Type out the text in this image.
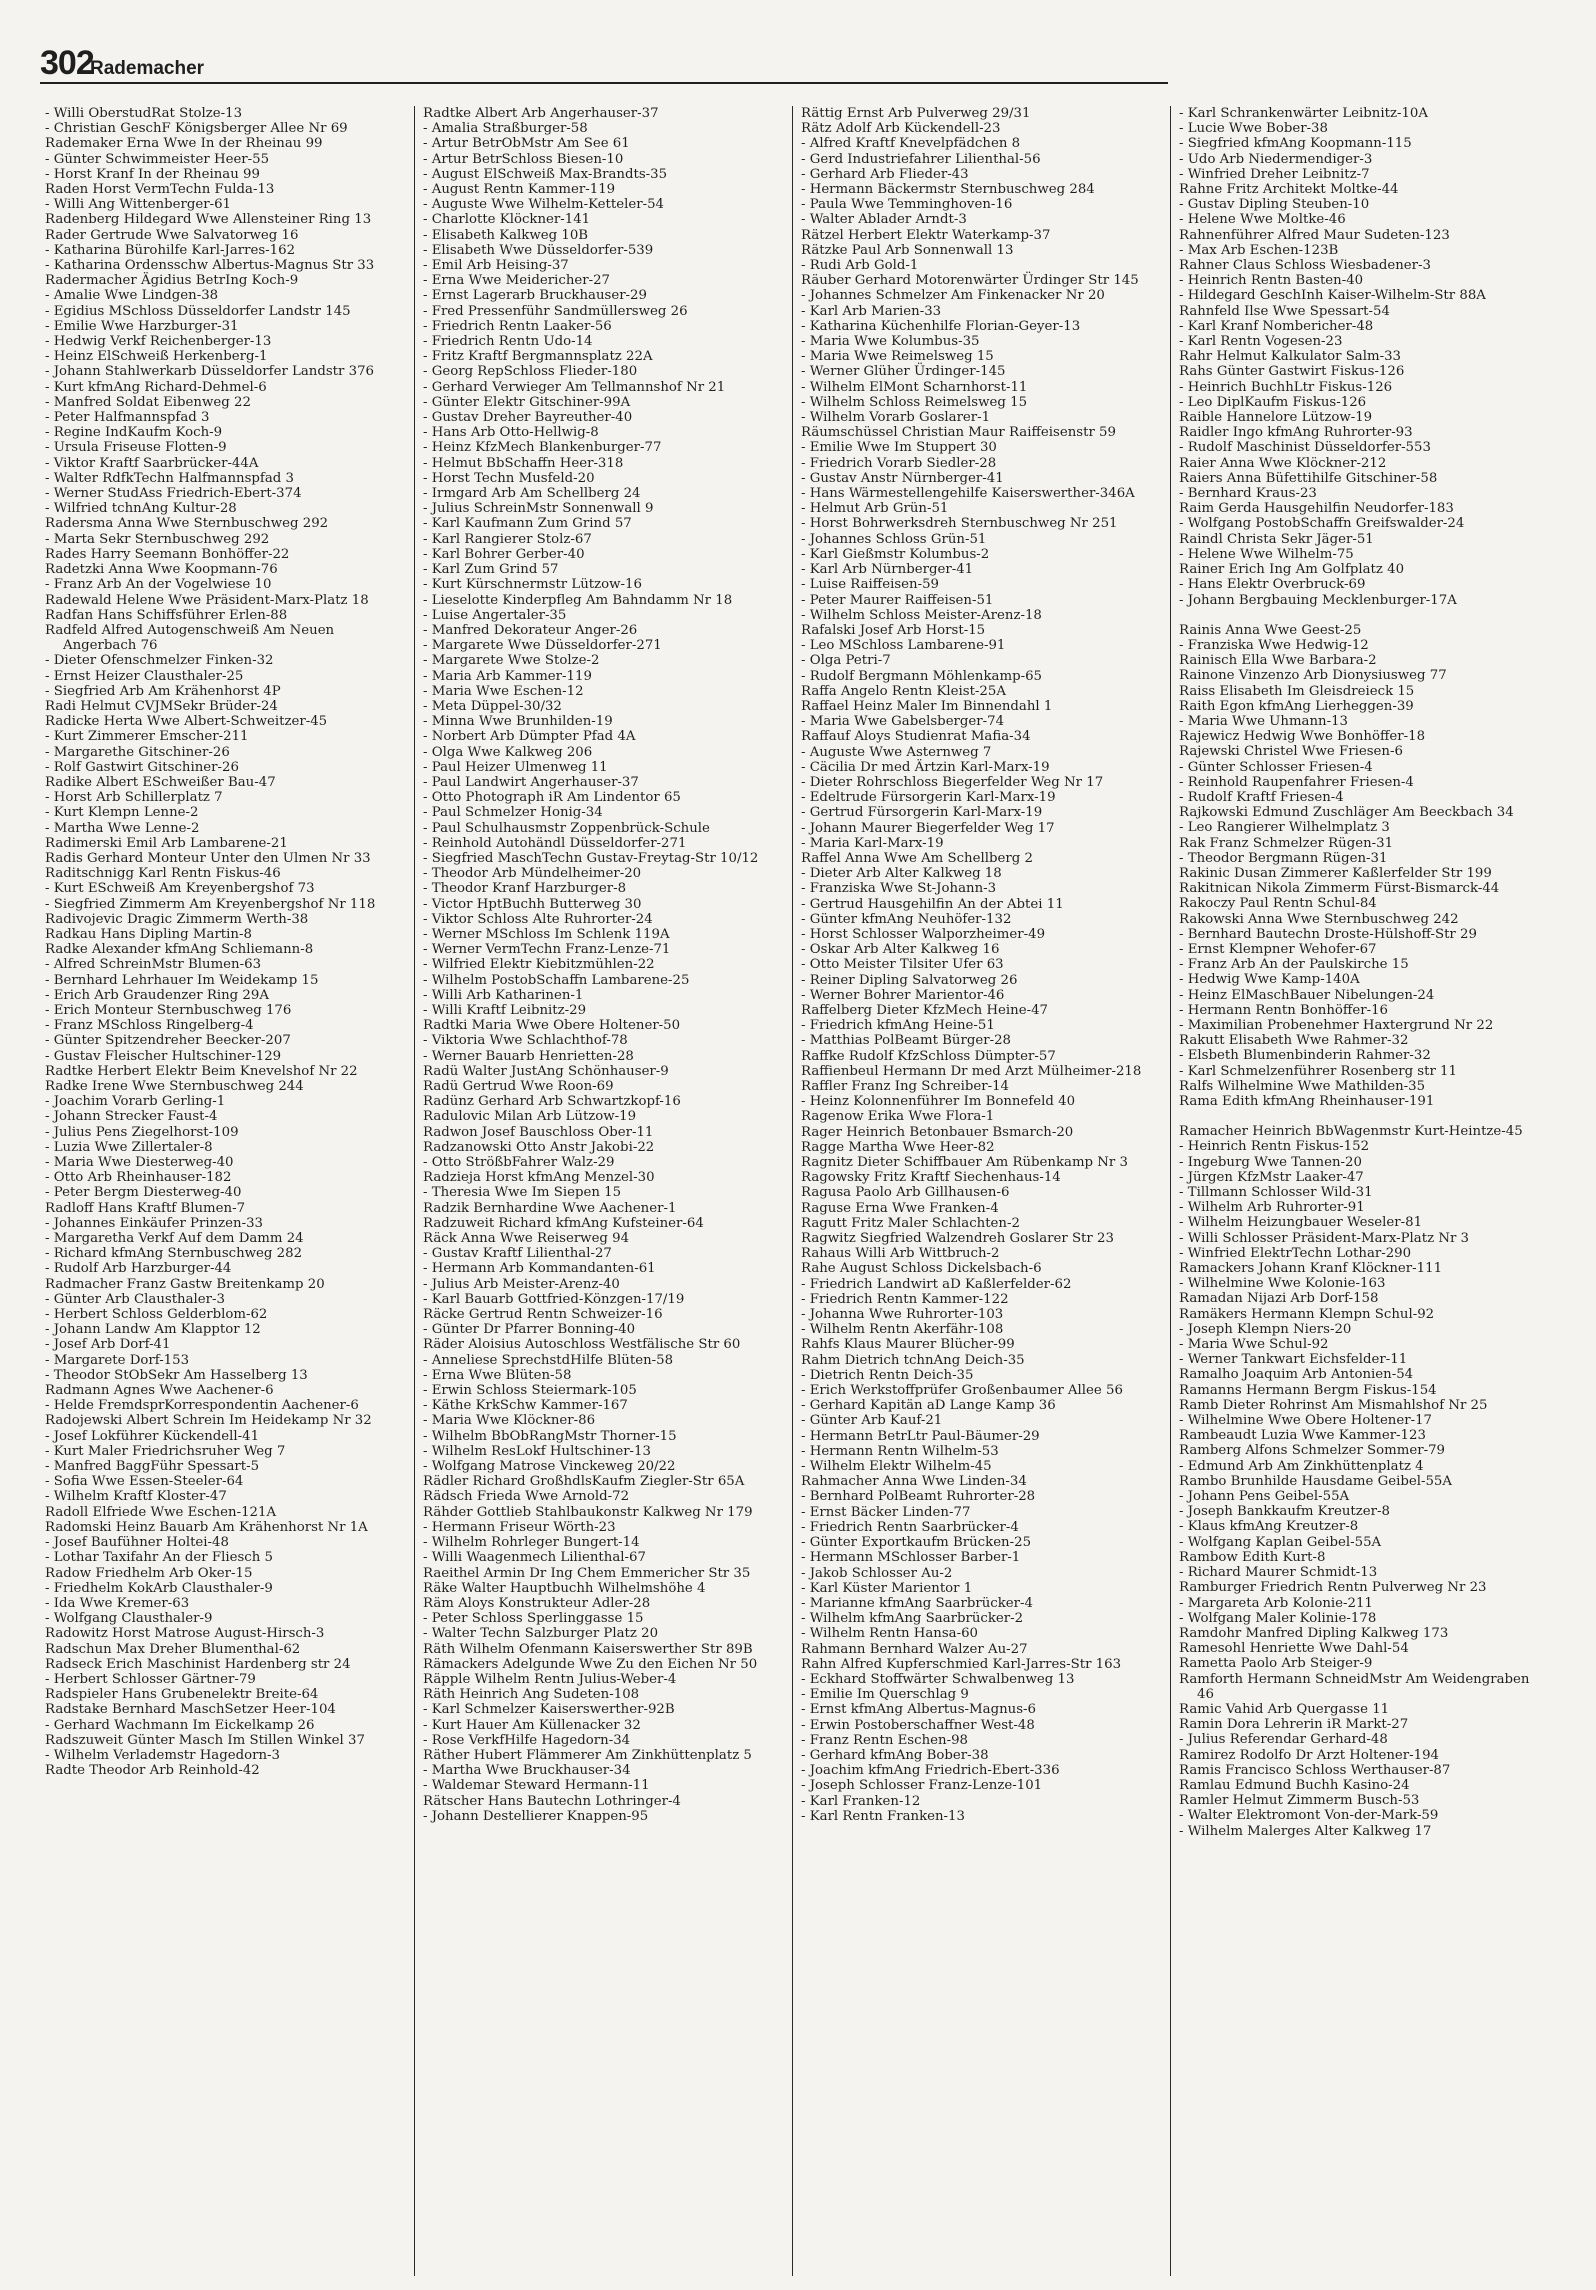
302
Rademacher

- Willi OberstudRat Stolze-13

- Christian GeschF Königsberger Allee Nr 69

Rademaker Erna Wwe In der Rheinau 99

- Günter Schwimmeister Heer-55

- Horst Kranf In der Rheinau 99

Raden Horst VermTechn Fulda-13

- Willi Ang Wittenberger-61

Radenberg Hildegard Wwe Allensteiner Ring 13

Rader Gertrude Wwe Salvatorweg 16

- Katharina Bürohilfe Karl-Jarres-162

- Katharina Ordensschw Albertus-Magnus Str 33

Radermacher Ägidius BetrIng Koch-9

- Amalie Wwe Lindgen-38

- Egidius MSchloss Düsseldorfer Landstr 145

- Emilie Wwe Harzburger-31

- Hedwig Verkf Reichenberger-13

- Heinz ElSchweiß Herkenberg-1

- Johann Stahlwerkarb Düsseldorfer Landstr 376

- Kurt kfmAng Richard-Dehmel-6

- Manfred Soldat Eibenweg 22

- Peter Halfmannspfad 3

- Regine IndKaufm Koch-9

- Ursula Friseuse Flotten-9

- Viktor Kraftf Saarbrücker-44A

- Walter RdfkTechn Halfmannspfad 3

- Werner StudAss Friedrich-Ebert-374

- Wilfried tchnAng Kultur-28

Radersma Anna Wwe Sternbuschweg 292

- Marta Sekr Sternbuschweg 292

Rades Harry Seemann Bonhöffer-22

Radetzki Anna Wwe Koopmann-76

- Franz Arb An der Vogelwiese 10

Radewald Helene Wwe Präsident-Marx-Platz 18

Radfan Hans Schiffsführer Erlen-88

Radfeld Alfred Autogenschweiß Am Neuen Angerbach 76

- Dieter Ofenschmelzer Finken-32

- Ernst Heizer Clausthaler-25

- Siegfried Arb Am Krähenhorst 4P

Radi Helmut CVJMSekr Brüder-24

Radicke Herta Wwe Albert-Schweitzer-45

- Kurt Zimmerer Emscher-211

- Margarethe Gitschiner-26

- Rolf Gastwirt Gitschiner-26

Radike Albert ESchweißer Bau-47

- Horst Arb Schillerplatz 7

- Kurt Klempn Lenne-2

- Martha Wwe Lenne-2

Radimerski Emil Arb Lambarene-21

Radis Gerhard Monteur Unter den Ulmen Nr 33

Raditschnigg Karl Rentn Fiskus-46

- Kurt ESchweiß Am Kreyenbergshof 73

- Siegfried Zimmerm Am Kreyenbergshof Nr 118

Radivojevic Dragic Zimmerm Werth-38

Radkau Hans Dipling Martin-8

Radke Alexander kfmAng Schliemann-8

- Alfred SchreinMstr Blumen-63

- Bernhard Lehrhauer Im Weidekamp 15

- Erich Arb Graudenzer Ring 29A

- Erich Monteur Sternbuschweg 176

- Franz MSchloss Ringelberg-4

- Günter Spitzendreher Beecker-207

- Gustav Fleischer Hultschiner-129

Radtke Herbert Elektr Beim Knevelshof Nr 22

Radke Irene Wwe Sternbuschweg 244

- Joachim Vorarb Gerling-1

- Johann Strecker Faust-4

- Julius Pens Ziegelhorst-109

- Luzia Wwe Zillertaler-8

- Maria Wwe Diesterweg-40

- Otto Arb Rheinhauser-182

- Peter Bergm Diesterweg-40

Radloff Hans Kraftf Blumen-7

- Johannes Einkäufer Prinzen-33

- Margaretha Verkf Auf dem Damm 24

- Richard kfmAng Sternbuschweg 282

- Rudolf Arb Harzburger-44

Radmacher Franz Gastw Breitenkamp 20

- Günter Arb Clausthaler-3

- Herbert Schloss Gelderblom-62

- Johann Landw Am Klapptor 12

- Josef Arb Dorf-41

- Margarete Dorf-153

- Theodor StObSekr Am Hasselberg 13

Radmann Agnes Wwe Aachener-6

- Helde FremdsprKorrespondentin Aachener-6

Radojewski Albert Schrein Im Heidekamp Nr 32

- Josef Lokführer Kückendell-41

- Kurt Maler Friedrichsruher Weg 7

- Manfred BaggFühr Spessart-5

- Sofia Wwe Essen-Steeler-64

- Wilhelm Kraftf Kloster-47

Radoll Elfriede Wwe Eschen-121A

Radomski Heinz Bauarb Am Krähenhorst Nr 1A

- Josef Baufühner Holtei-48

- Lothar Taxifahr An der Fliesch 5

Radow Friedhelm Arb Oker-15

- Friedhelm KokArb Clausthaler-9

- Ida Wwe Kremer-63

- Wolfgang Clausthaler-9

Radowitz Horst Matrose August-Hirsch-3

Radschun Max Dreher Blumenthal-62

Radseck Erich Maschinist Hardenberg str 24

- Herbert Schlosser Gärtner-79

Radspieler Hans Grubenelektr Breite-64

Radstake Bernhard MaschSetzer Heer-104

- Gerhard Wachmann Im Eickelkamp 26

Radszuweit Günter Masch Im Stillen Winkel 37

- Wilhelm Verlademstr Hagedorn-3

Radte Theodor Arb Reinhold-42

Radtke Albert Arb Angerhauser-37

- Amalia Straßburger-58

- Artur BetrObMstr Am See 61

- Artur BetrSchloss Biesen-10

- August ElSchweiß Max-Brandts-35

- August Rentn Kammer-119

- Auguste Wwe Wilhelm-Ketteler-54

- Charlotte Klöckner-141

- Elisabeth Kalkweg 10B

- Elisabeth Wwe Düsseldorfer-539

- Emil Arb Heising-37

- Erna Wwe Meidericher-27

- Ernst Lagerarb Bruckhauser-29

- Fred Pressenführ Sandmüllersweg 26

- Friedrich Rentn Laaker-56

- Friedrich Rentn Udo-14

- Fritz Kraftf Bergmannsplatz 22A

- Georg RepSchloss Flieder-180

- Gerhard Verwieger Am Tellmannshof Nr 21

- Günter Elektr Gitschiner-99A

- Gustav Dreher Bayreuther-40

- Hans Arb Otto-Hellwig-8

- Heinz KfzMech Blankenburger-77

- Helmut BbSchaffn Heer-318

- Horst Techn Musfeld-20

- Irmgard Arb Am Schellberg 24

- Julius SchreinMstr Sonnenwall 9

- Karl Kaufmann Zum Grind 57

- Karl Rangierer Stolz-67

- Karl Bohrer Gerber-40

- Karl Zum Grind 57

- Kurt Kürschnermstr Lützow-16

- Lieselotte Kinderpfleg Am Bahndamm Nr 18

- Luise Angertaler-35

- Manfred Dekorateur Anger-26

- Margarete Wwe Düsseldorfer-271

- Margarete Wwe Stolze-2

- Maria Arb Kammer-119

- Maria Wwe Eschen-12

- Meta Düppel-30/32

- Minna Wwe Brunhilden-19

- Norbert Arb Dümpter Pfad 4A

- Olga Wwe Kalkweg 206

- Paul Heizer Ulmenweg 11

- Paul Landwirt Angerhauser-37

- Otto Photograph iR Am Lindentor 65

- Paul Schmelzer Honig-34

- Paul Schulhausmstr Zoppenbrück-Schule

- Reinhold Autohändl Düsseldorfer-271

- Siegfried MaschTechn Gustav-Freytag-Str 10/12

- Theodor Arb Mündelheimer-20

- Theodor Kranf Harzburger-8

- Victor HptBuchh Butterweg 30

- Viktor Schloss Alte Ruhrorter-24

- Werner MSchloss Im Schlenk 119A

- Werner VermTechn Franz-Lenze-71

- Wilfried Elektr Kiebitzmühlen-22

- Wilhelm PostobSchaffn Lambarene-25

- Willi Arb Katharinen-1

- Willi Kraftf Leibnitz-29

Radtki Maria Wwe Obere Holtener-50

- Viktoria Wwe Schlachthof-78

- Werner Bauarb Henrietten-28

Radü Walter JustAng Schönhauser-9

Radü Gertrud Wwe Roon-69

Radünz Gerhard Arb Schwartzkopf-16

Radulovic Milan Arb Lützow-19

Radwon Josef Bauschloss Ober-11

Radzanowski Otto Anstr Jakobi-22

- Otto StrößbFahrer Walz-29

Radzieja Horst kfmAng Menzel-30

- Theresia Wwe Im Siepen 15

Radzik Bernhardine Wwe Aachener-1

Radzuweit Richard kfmAng Kufsteiner-64

Räck Anna Wwe Reiserweg 94

- Gustav Kraftf Lilienthal-27

- Hermann Arb Kommandanten-61

- Julius Arb Meister-Arenz-40

- Karl Bauarb Gottfried-Könzgen-17/19

Räcke Gertrud Rentn Schweizer-16

- Günter Dr Pfarrer Bonning-40

Räder Aloisius Autoschloss Westfälische Str 60

- Anneliese SprechstdHilfe Blüten-58

- Erna Wwe Blüten-58

- Erwin Schloss Steiermark-105

- Käthe KrkSchw Kammer-167

- Maria Wwe Klöckner-86

- Wilhelm BbObRangMstr Thorner-15

- Wilhelm ResLokf Hultschiner-13

- Wolfgang Matrose Vinckeweg 20/22

Rädler Richard GroßhdlsKaufm Ziegler-Str 65A

Rädsch Frieda Wwe Arnold-72

Rähder Gottlieb Stahlbaukonstr Kalkweg Nr 179

- Hermann Friseur Wörth-23

- Wilhelm Rohrleger Bungert-14

- Willi Waagenmech Lilienthal-67

Raeithel Armin Dr Ing Chem Emmericher Str 35

Räke Walter Hauptbuchh Wilhelmshöhe 4

Räm Aloys Konstrukteur Adler-28

- Peter Schloss Sperlinggasse 15

- Walter Techn Salzburger Platz 20

Räth Wilhelm Ofenmann Kaiserswerther Str 89B

Rämackers Adelgunde Wwe Zu den Eichen Nr 50

Räpple Wilhelm Rentn Julius-Weber-4

Räth Heinrich Ang Sudeten-108

- Karl Schmelzer Kaiserswerther-92B

- Kurt Hauer Am Küllenacker 32

- Rose VerkfHilfe Hagedorn-34

Räther Hubert Flämmerer Am Zinkhüttenplatz 5

- Martha Wwe Bruckhauser-34

- Waldemar Steward Hermann-11

Rätscher Hans Bautechn Lothringer-4

- Johann Destellierer Knappen-95

Rättig Ernst Arb Pulverweg 29/31

Rätz Adolf Arb Kückendell-23

- Alfred Kraftf Knevelpfädchen 8

- Gerd Industriefahrer Lilienthal-56

- Gerhard Arb Flieder-43

- Hermann Bäckermstr Sternbuschweg 284

- Paula Wwe Temminghoven-16

- Walter Ablader Arndt-3

Rätzel Herbert Elektr Waterkamp-37

Rätzke Paul Arb Sonnenwall 13

- Rudi Arb Gold-1

Räuber Gerhard Motorenwärter Ürdinger Str 145

- Johannes Schmelzer Am Finkenacker Nr 20

- Karl Arb Marien-33

- Katharina Küchenhilfe Florian-Geyer-13

- Maria Wwe Kolumbus-35

- Maria Wwe Reimelsweg 15

- Werner Glüher Ürdinger-145

- Wilhelm ElMont Scharnhorst-11

- Wilhelm Schloss Reimelsweg 15

- Wilhelm Vorarb Goslarer-1

Räumschüssel Christian Maur Raiffeisenstr 59

- Emilie Wwe Im Stuppert 30

- Friedrich Vorarb Siedler-28

- Gustav Anstr Nürnberger-41

- Hans Wärmestellengehilfe Kaiserswerther-346A

- Helmut Arb Grün-51

- Horst Bohrwerksdreh Sternbuschweg Nr 251

- Johannes Schloss Grün-51

- Karl Gießmstr Kolumbus-2

- Karl Arb Nürnberger-41

- Luise Raiffeisen-59

- Peter Maurer Raiffeisen-51

- Wilhelm Schloss Meister-Arenz-18

Rafalski Josef Arb Horst-15

- Leo MSchloss Lambarene-91

- Olga Petri-7

- Rudolf Bergmann Möhlenkamp-65

Raffa Angelo Rentn Kleist-25A

Raffael Heinz Maler Im Binnendahl 1

- Maria Wwe Gabelsberger-74

Raffauf Aloys Studienrat Mafia-34

- Auguste Wwe Asternweg 7

- Cäcilia Dr med Ärtzin Karl-Marx-19

- Dieter Rohrschloss Biegerfelder Weg Nr 17

- Edeltrude Fürsorgerin Karl-Marx-19

- Gertrud Fürsorgerin Karl-Marx-19

- Johann Maurer Biegerfelder Weg 17

- Maria Karl-Marx-19

Raffel Anna Wwe Am Schellberg 2

- Dieter Arb Alter Kalkweg 18

- Franziska Wwe St-Johann-3

- Gertrud Hausgehilfin An der Abtei 11

- Günter kfmAng Neuhöfer-132

- Horst Schlosser Walporzheimer-49

- Oskar Arb Alter Kalkweg 16

- Otto Meister Tilsiter Ufer 63

- Reiner Dipling Salvatorweg 26

- Werner Bohrer Marientor-46

Raffelberg Dieter KfzMech Heine-47

- Friedrich kfmAng Heine-51

- Matthias PolBeamt Bürger-28

Raffke Rudolf KfzSchloss Dümpter-57

Raffienbeul Hermann Dr med Arzt Mülheimer-218

Raffler Franz Ing Schreiber-14

- Heinz Kolonnenführer Im Bonnefeld 40

Ragenow Erika Wwe Flora-1

Rager Heinrich Betonbauer Bsmarch-20

Ragge Martha Wwe Heer-82

Ragnitz Dieter Schiffbauer Am Rübenkamp Nr 3

Ragowsky Fritz Kraftf Siechenhaus-14

Ragusa Paolo Arb Gillhausen-6

Raguse Erna Wwe Franken-4

Ragutt Fritz Maler Schlachten-2

Ragwitz Siegfried Walzendreh Goslarer Str 23

Rahaus Willi Arb Wittbruch-2

Rahe August Schloss Dickelsbach-6

- Friedrich Landwirt aD Kaßlerfelder-62

- Friedrich Rentn Kammer-122

- Johanna Wwe Ruhrorter-103

- Wilhelm Rentn Akerfähr-108

Rahfs Klaus Maurer Blücher-99

Rahm Dietrich tchnAng Deich-35

- Dietrich Rentn Deich-35

- Erich Werkstoffprüfer Großenbaumer Allee 56

- Gerhard Kapitän aD Lange Kamp 36

- Günter Arb Kauf-21

- Hermann BetrLtr Paul-Bäumer-29

- Hermann Rentn Wilhelm-53

- Wilhelm Elektr Wilhelm-45

Rahmacher Anna Wwe Linden-34

- Bernhard PolBeamt Ruhrorter-28

- Ernst Bäcker Linden-77

- Friedrich Rentn Saarbrücker-4

- Günter Exportkaufm Brücken-25

- Hermann MSchlosser Barber-1

- Jakob Schlosser Au-2

- Karl Küster Marientor 1

- Marianne kfmAng Saarbrücker-4

- Wilhelm kfmAng Saarbrücker-2

- Wilhelm Rentn Hansa-60

Rahmann Bernhard Walzer Au-27

Rahn Alfred Kupferschmied Karl-Jarres-Str 163

- Eckhard Stoffwärter Schwalbenweg 13

- Emilie Im Querschlag 9

- Ernst kfmAng Albertus-Magnus-6

- Erwin Postoberschaffner West-48

- Franz Rentn Eschen-98

- Gerhard kfmAng Bober-38

- Joachim kfmAng Friedrich-Ebert-336

- Joseph Schlosser Franz-Lenze-101

- Karl Franken-12

- Karl Rentn Franken-13

- Karl Schrankenwärter Leibnitz-10A

- Lucie Wwe Bober-38

- Siegfried kfmAng Koopmann-115

- Udo Arb Niedermendiger-3

- Winfried Dreher Leibnitz-7

Rahne Fritz Architekt Moltke-44

- Gustav Dipling Steuben-10

- Helene Wwe Moltke-46

Rahnenführer Alfred Maur Sudeten-123

- Max Arb Eschen-123B

Rahner Claus Schloss Wiesbadener-3

- Heinrich Rentn Basten-40

- Hildegard GeschInh Kaiser-Wilhelm-Str 88A

Rahnfeld Ilse Wwe Spessart-54

- Karl Kranf Nombericher-48

- Karl Rentn Vogesen-23

Rahr Helmut Kalkulator Salm-33

Rahs Günter Gastwirt Fiskus-126

- Heinrich BuchhLtr Fiskus-126

- Leo DiplKaufm Fiskus-126

Raible Hannelore Lützow-19

Raidler Ingo kfmAng Ruhrorter-93

- Rudolf Maschinist Düsseldorfer-553

Raier Anna Wwe Klöckner-212

Raiers Anna Büfettihilfe Gitschiner-58

- Bernhard Kraus-23

Raim Gerda Hausgehilfin Neudorfer-183

- Wolfgang PostobSchaffn Greifswalder-24

Raindl Christa Sekr Jäger-51

- Helene Wwe Wilhelm-75

Rainer Erich Ing Am Golfplatz 40

- Hans Elektr Overbruck-69

- Johann Bergbauing Mecklenburger-17A

Rainis Anna Wwe Geest-25

- Franziska Wwe Hedwig-12

Rainisch Ella Wwe Barbara-2

Rainone Vinzenzo Arb Dionysiusweg 77

Raiss Elisabeth Im Gleisdreieck 15

Raith Egon kfmAng Lierheggen-39

- Maria Wwe Uhmann-13

Rajewicz Hedwig Wwe Bonhöffer-18

Rajewski Christel Wwe Friesen-6

- Günter Schlosser Friesen-4

- Reinhold Raupenfahrer Friesen-4

- Rudolf Kraftf Friesen-4

Rajkowski Edmund Zuschläger Am Beeckbach 34

- Leo Rangierer Wilhelmplatz 3

Rak Franz Schmelzer Rügen-31

- Theodor Bergmann Rügen-31

Rakinic Dusan Zimmerer Kaßlerfelder Str 199

Rakitnican Nikola Zimmerm Fürst-Bismarck-44

Rakoczy Paul Rentn Schul-84

Rakowski Anna Wwe Sternbuschweg 242

- Bernhard Bautechn Droste-Hülshoff-Str 29

- Ernst Klempner Wehofer-67

- Franz Arb An der Paulskirche 15

- Hedwig Wwe Kamp-140A

- Heinz ElMaschBauer Nibelungen-24

- Hermann Rentn Bonhöffer-16

- Maximilian Probenehmer Haxtergrund Nr 22

Rakutt Elisabeth Wwe Rahmer-32

- Elsbeth Blumenbinderin Rahmer-32

- Karl Schmelzenführer Rosenberg str 11

Ralfs Wilhelmine Wwe Mathilden-35

Rama Edith kfmAng Rheinhauser-191

Ramacher Heinrich BbWagenmstr Kurt-Heintze-45

- Heinrich Rentn Fiskus-152

- Ingeburg Wwe Tannen-20

- Jürgen KfzMstr Laaker-47

- Tillmann Schlosser Wild-31

- Wilhelm Arb Ruhrorter-91

- Wilhelm Heizungbauer Weseler-81

- Willi Schlosser Präsident-Marx-Platz Nr 3

- Winfried ElektrTechn Lothar-290

Ramackers Johann Kranf Klöckner-111

- Wilhelmine Wwe Kolonie-163

Ramadan Nijazi Arb Dorf-158

Ramäkers Hermann Klempn Schul-92

- Joseph Klempn Niers-20

- Maria Wwe Schul-92

- Werner Tankwart Eichsfelder-11

Ramalho Joaquim Arb Antonien-54

Ramanns Hermann Bergm Fiskus-154

Ramb Dieter Rohrinst Am Mismahlshof Nr 25

- Wilhelmine Wwe Obere Holtener-17

Rambeaudt Luzia Wwe Kammer-123

Ramberg Alfons Schmelzer Sommer-79

- Edmund Arb Am Zinkhüttenplatz 4

Rambo Brunhilde Hausdame Geibel-55A

- Johann Pens Geibel-55A

- Joseph Bankkaufm Kreutzer-8

- Klaus kfmAng Kreutzer-8

- Wolfgang Kaplan Geibel-55A

Rambow Edith Kurt-8

- Richard Maurer Schmidt-13

Ramburger Friedrich Rentn Pulverweg Nr 23

- Margareta Arb Kolonie-211

- Wolfgang Maler Kolinie-178

Ramdohr Manfred Dipling Kalkweg 173

Ramesohl Henriette Wwe Dahl-54

Rametta Paolo Arb Steiger-9

Ramforth Hermann SchneidMstr Am Weidengraben 46

Ramic Vahid Arb Quergasse 11

Ramin Dora Lehrerin iR Markt-27

- Julius Referendar Gerhard-48

Ramirez Rodolfo Dr Arzt Holtener-194

Ramis Francisco Schloss Werthauser-87

Ramlau Edmund Buchh Kasino-24

Ramler Helmut Zimmerm Busch-53

- Walter Elektromont Von-der-Mark-59

- Wilhelm Malerges Alter Kalkweg 17
